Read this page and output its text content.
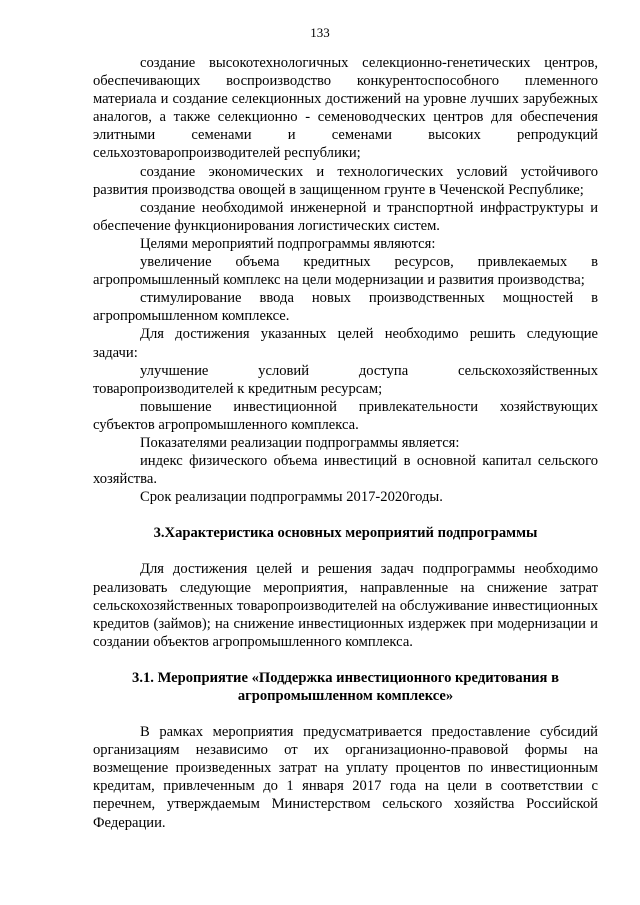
133

создание высокотехнологичных селекционно-генетических центров, обеспечивающих воспроизводство конкурентоспособного племенного материала и создание селекционных достижений на уровне лучших зарубежных аналогов, а также селекционно - семеноводческих центров для обеспечения элитными семенами и семенами высоких репродукций сельхозтоваропроизводителей республики;

создание экономических и технологических условий устойчивого развития производства овощей в защищенном грунте в Чеченской Республике;

создание необходимой инженерной и транспортной инфраструктуры и обеспечение функционирования логистических систем.

Целями мероприятий подпрограммы являются:

увеличение объема кредитных ресурсов, привлекаемых в агропромышленный комплекс на цели модернизации и развития производства;

стимулирование ввода новых производственных мощностей в агропромышленном комплексе.

Для достижения указанных целей необходимо решить следующие задачи:

улучшение условий доступа сельскохозяйственных товаропроизводителей к кредитным ресурсам;

повышение инвестиционной привлекательности хозяйствующих субъектов агропромышленного комплекса.

Показателями реализации подпрограммы является:

индекс физического объема инвестиций в основной капитал сельского хозяйства.

Срок реализации подпрограммы 2017-2020годы.

3.Характеристика основных мероприятий подпрограммы

Для достижения целей и решения задач подпрограммы необходимо реализовать следующие мероприятия, направленные на снижение затрат сельскохозяйственных товаропроизводителей на обслуживание инвестиционных кредитов (займов); на снижение инвестиционных издержек при модернизации и создании объектов агропромышленного комплекса.

3.1. Мероприятие «Поддержка инвестиционного кредитования в агропромышленном комплексе»

В рамках мероприятия предусматривается предоставление субсидий организациям независимо от их организационно-правовой формы на возмещение произведенных затрат на уплату процентов по инвестиционным кредитам, привлеченным до 1 января 2017 года на цели в соответствии с перечнем, утверждаемым Министерством сельского хозяйства Российской Федерации.
